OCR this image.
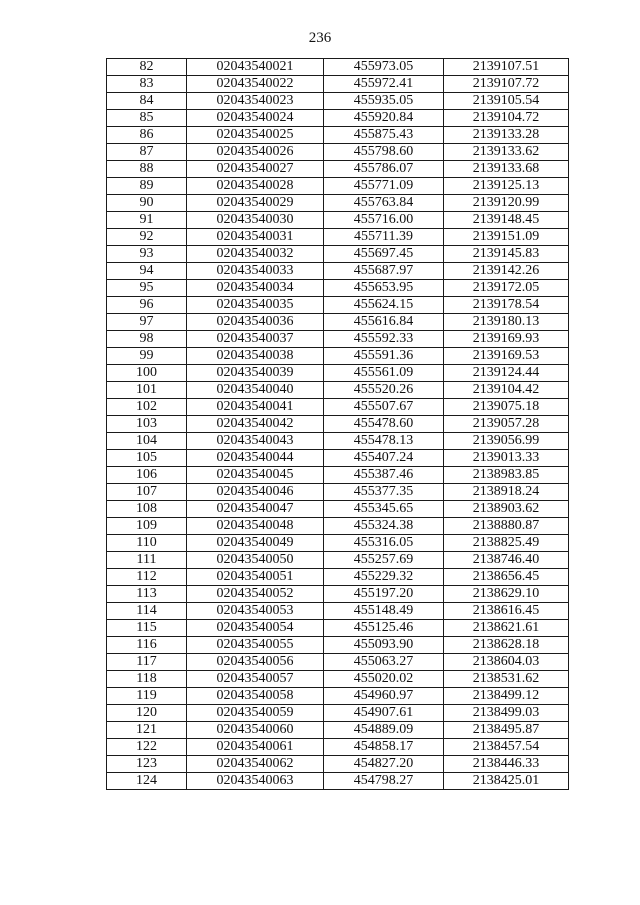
236
82	02043540021	455973.05	2139107.51
83	02043540022	455972.41	2139107.72
84	02043540023	455935.05	2139105.54
85	02043540024	455920.84	2139104.72
86	02043540025	455875.43	2139133.28
87	02043540026	455798.60	2139133.62
88	02043540027	455786.07	2139133.68
89	02043540028	455771.09	2139125.13
90	02043540029	455763.84	2139120.99
91	02043540030	455716.00	2139148.45
92	02043540031	455711.39	2139151.09
93	02043540032	455697.45	2139145.83
94	02043540033	455687.97	2139142.26
95	02043540034	455653.95	2139172.05
96	02043540035	455624.15	2139178.54
97	02043540036	455616.84	2139180.13
98	02043540037	455592.33	2139169.93
99	02043540038	455591.36	2139169.53
100	02043540039	455561.09	2139124.44
101	02043540040	455520.26	2139104.42
102	02043540041	455507.67	2139075.18
103	02043540042	455478.60	2139057.28
104	02043540043	455478.13	2139056.99
105	02043540044	455407.24	2139013.33
106	02043540045	455387.46	2138983.85
107	02043540046	455377.35	2138918.24
108	02043540047	455345.65	2138903.62
109	02043540048	455324.38	2138880.87
110	02043540049	455316.05	2138825.49
111	02043540050	455257.69	2138746.40
112	02043540051	455229.32	2138656.45
113	02043540052	455197.20	2138629.10
114	02043540053	455148.49	2138616.45
115	02043540054	455125.46	2138621.61
116	02043540055	455093.90	2138628.18
117	02043540056	455063.27	2138604.03
118	02043540057	455020.02	2138531.62
119	02043540058	454960.97	2138499.12
120	02043540059	454907.61	2138499.03
121	02043540060	454889.09	2138495.87
122	02043540061	454858.17	2138457.54
123	02043540062	454827.20	2138446.33
124	02043540063	454798.27	2138425.01
